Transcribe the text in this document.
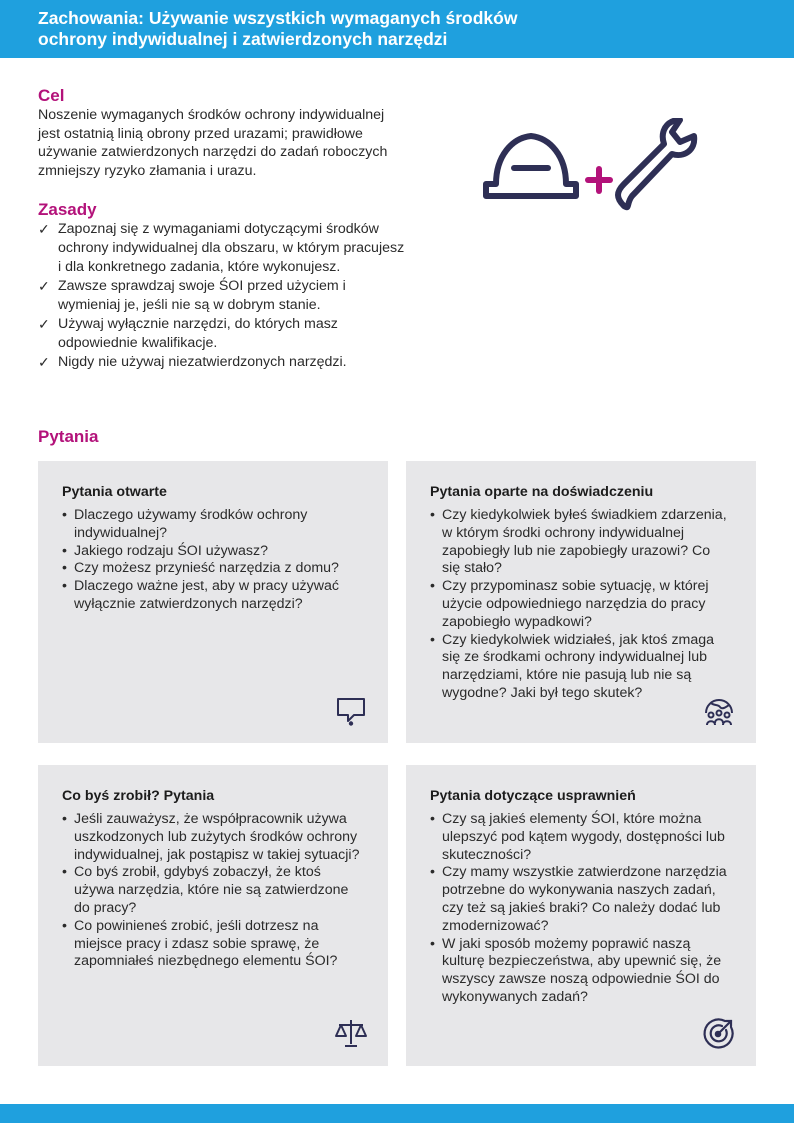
Zachowania: Używanie wszystkich wymaganych środków
ochrony indywidualnej i zatwierdzonych narzędzi
Cel

Noszenie wymaganych środków ochrony indywidualnej jest ostatnią linią obrony przed urazami; prawidłowe używanie zatwierdzonych narzędzi do zadań roboczych zmniejszy ryzyko złamania i urazu.

Zasady
✓ Zapoznaj się z wymaganiami dotyczącymi środków ochrony indywidualnej dla obszaru, w którym pracujesz i dla konkretnego zadania, które wykonujesz.
✓ Zawsze sprawdzaj swoje ŚOI przed użyciem i wymieniaj je, jeśli nie są w dobrym stanie.
✓ Używaj wyłącznie narzędzi, do których masz odpowiednie kwalifikacje.
✓ Nigdy nie używaj niezatwierdzonych narzędzi.
Pytania
Pytania otwarte
• Dlaczego używamy środków ochrony indywidualnej?
• Jakiego rodzaju ŚOI używasz?
• Czy możesz przynieść narzędzia z domu?
• Dlaczego ważne jest, aby w pracy używać wyłącznie zatwierdzonych narzędzi?
Pytania oparte na doświadczeniu
• Czy kiedykolwiek byłeś świadkiem zdarzenia, w którym środki ochrony indywidualnej zapobiegły lub nie zapobiegły urazowi? Co się stało?
• Czy przypominasz sobie sytuację, w której użycie odpowiedniego narzędzia do pracy zapobiegło wypadkowi?
• Czy kiedykolwiek widziałeś, jak ktoś zmaga się ze środkami ochrony indywidualnej lub narzędziami, które nie pasują lub nie są wygodne? Jaki był tego skutek?
Co byś zrobił? Pytania
• Jeśli zauważysz, że współpracownik używa uszkodzonych lub zużytych środków ochrony indywidualnej, jak postąpisz w takiej sytuacji?
• Co byś zrobił, gdybyś zobaczył, że ktoś używa narzędzia, które nie są zatwierdzone do pracy?
• Co powinieneś zrobić, jeśli dotrzesz na miejsce pracy i zdasz sobie sprawę, że zapomniałeś niezbędnego elementu ŚOI?
Pytania dotyczące usprawnień
• Czy są jakieś elementy ŚOI, które można ulepszyć pod kątem wygody, dostępności lub skuteczności?
• Czy mamy wszystkie zatwierdzone narzędzia potrzebne do wykonywania naszych zadań, czy też są jakieś braki? Co należy dodać lub zmodernizować?
• W jaki sposób możemy poprawić naszą kulturę bezpieczeństwa, aby upewnić się, że wszyscy zawsze noszą odpowiednie ŚOI do wykonywanych zadań?
